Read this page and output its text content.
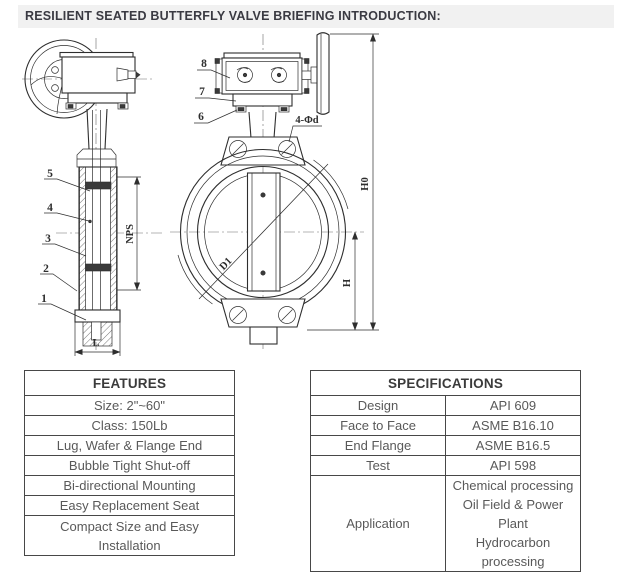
RESILIENT SEATED BUTTERFLY VALVE BRIEFING INTRODUCTION:
5
4
3
2
1
NPS
L
D1
4-Φd
8
7
6
H
H0
FEATURES
Size: 2"~60"
Class: 150Lb
Lug, Wafer & Flange End
Bubble Tight Shut-off
Bi-directional Mounting
Easy Replacement Seat
Compact Size and Easy Installation
SPECIFICATIONS	
Design	API 609
Face to Face	ASME B16.10
End Flange	ASME B16.5
Test	API 598
Application	Chemical processing
Oil Field & Power Plant
Hydrocarbon processing
